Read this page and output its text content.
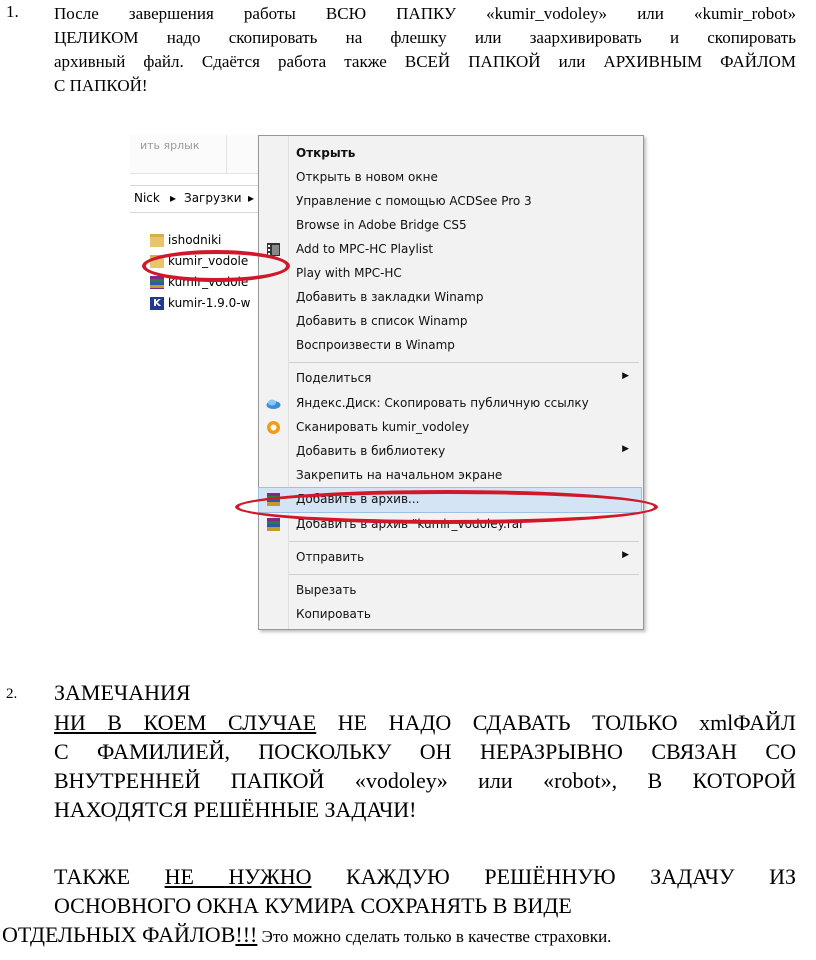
1. После завершения работы ВСЮ ПАПКУ «kumir_vodoley» или «kumir_robot»
ЦЕЛИКОМ надо скопировать на флешку или заархивировать и скопировать
архивный файл. Сдаётся работа также ВСЕЙ ПАПКОЙ или АРХИВНЫМ ФАЙЛОМ
С ПАПКОЙ!
ить ярлык
Nick ▸ Загрузки ▸
ishodniki
kumir_vodole
kumir_vodole
K kumir-1.9.0-w
Открыть
Открыть в новом окне
Управление с помощью ACDSee Pro 3
Browse in Adobe Bridge CS5
Add to MPC-HC Playlist
Play with MPC-HC
Добавить в закладки Winamp
Добавить в список Winamp
Воспроизвести в Winamp
Поделиться	▶
Яндекс.Диск: Скопировать публичную ссылку
Сканировать kumir_vodoley
Добавить в библиотеку	▶
Закрепить на начальном экране
Добавить в архив...
Добавить в архив "kumir_vodoley.rar"
Отправить	▶
Вырезать
Копировать
2. ЗАМЕЧАНИЯ
НИ В КОЕМ СЛУЧАЕ НЕ НАДО СДАВАТЬ ТОЛЬКО xmlФАЙЛ
С ФАМИЛИЕЙ, ПОСКОЛЬКУ ОН НЕРАЗРЫВНО СВЯЗАН СО
ВНУТРЕННЕЙ ПАПКОЙ «vodoley» или «robot», В КОТОРОЙ
НАХОДЯТСЯ РЕШЁННЫЕ ЗАДАЧИ!
ТАКЖЕ НЕ НУЖНО КАЖДУЮ РЕШЁННУЮ ЗАДАЧУ ИЗ
ОСНОВНОГО ОКНА КУМИРА СОХРАНЯТЬ В ВИДЕ
ОТДЕЛЬНЫХ ФАЙЛОВ!!! Это можно сделать только в качестве страховки.
